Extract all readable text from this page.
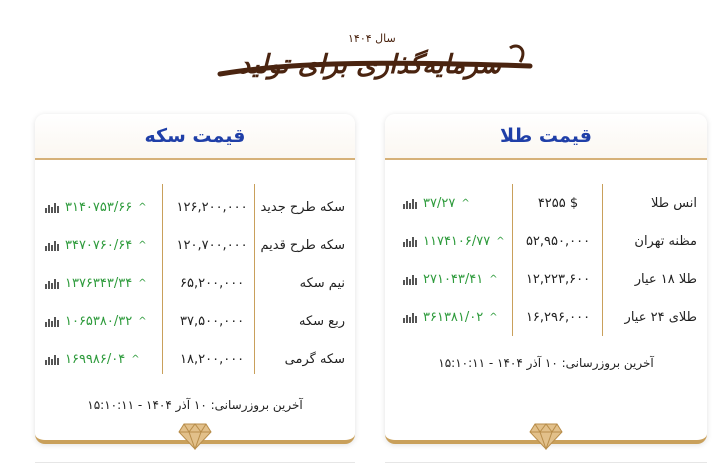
سال ۱۴۰۴
سرمایه‌گذاری برای تولید
قیمت طلا
انس طلا
$ ۴۲۵۵
۳۷/۲۷ ^
مظنه تهران
۵۲,۹۵۰,۰۰۰
۱۱۷۴۱۰۶/۷۷ ^
طلا ۱۸ عیار
۱۲,۲۲۳,۶۰۰
۲۷۱۰۴۳/۴۱ ^
طلای ۲۴ عیار
۱۶,۲۹۶,۰۰۰
۳۶۱۳۸۱/۰۲ ^
آخرین بروزرسانی: ۱۰ آذر ۱۴۰۴ - ۱۵:۱۰:۱۱
قیمت سکه
سکه طرح جدید
۱۲۶,۲۰۰,۰۰۰
۳۱۴۰۷۵۳/۶۶ ^
سکه طرح قدیم
۱۲۰,۷۰۰,۰۰۰
۳۴۷۰۷۶۰/۶۴ ^
نیم سکه
۶۵,۲۰۰,۰۰۰
۱۳۷۶۳۴۳/۳۴ ^
ربع سکه
۳۷,۵۰۰,۰۰۰
۱۰۶۵۳۸۰/۳۲ ^
سکه گرمی
۱۸,۲۰۰,۰۰۰
۱۶۹۹۸۶/۰۴ ^
آخرین بروزرسانی: ۱۰ آذر ۱۴۰۴ - ۱۵:۱۰:۱۱
